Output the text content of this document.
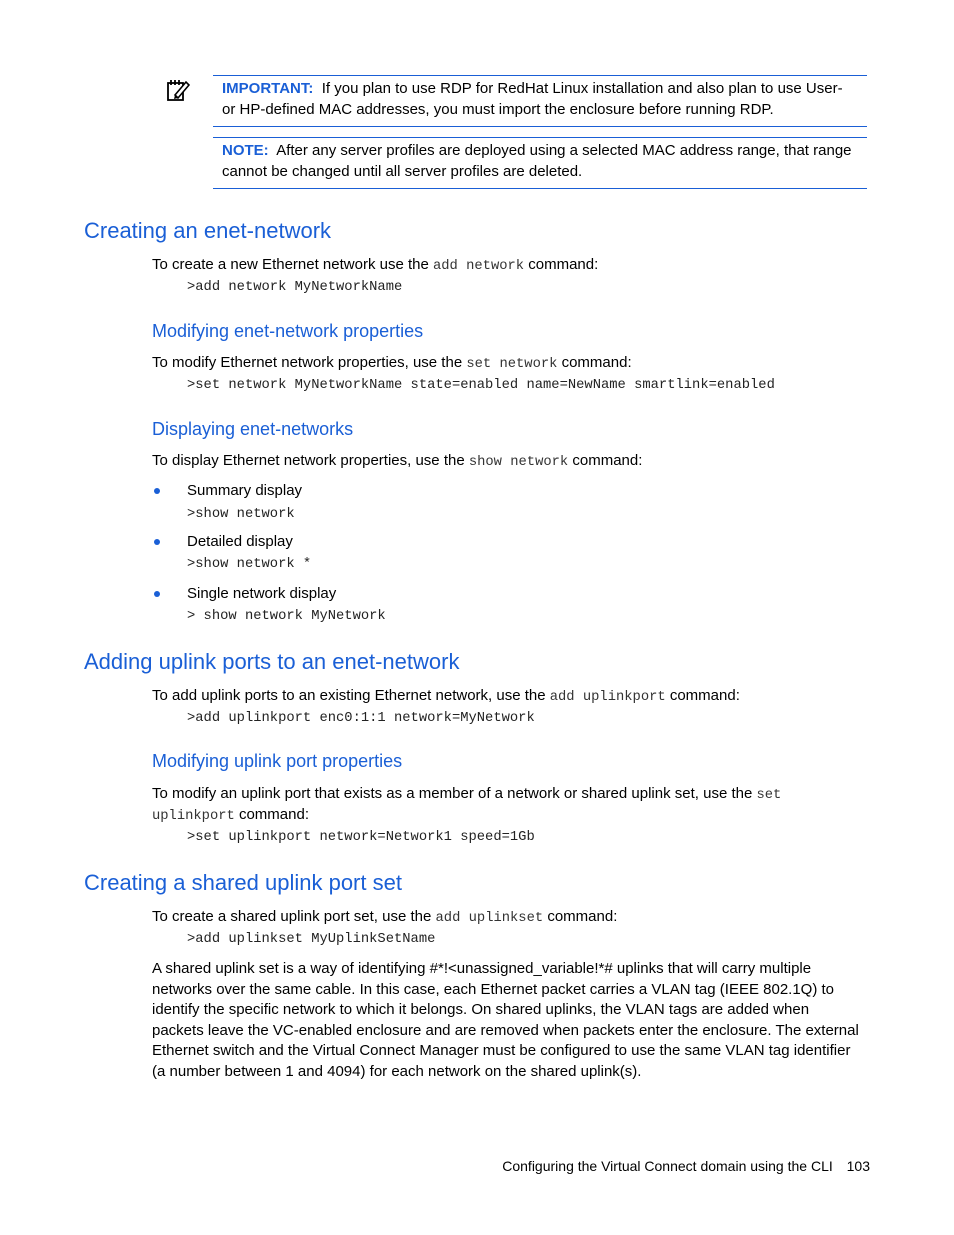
IMPORTANT: If you plan to use RDP for RedHat Linux installation and also plan to use User- or HP-defined MAC addresses, you must import the enclosure before running RDP.
NOTE: After any server profiles are deployed using a selected MAC address range, that range cannot be changed until all server profiles are deleted.
Creating an enet-network
To create a new Ethernet network use the add network command:
>add network MyNetworkName
Modifying enet-network properties
To modify Ethernet network properties, use the set network command:
>set network MyNetworkName state=enabled name=NewName smartlink=enabled
Displaying enet-networks
To display Ethernet network properties, use the show network command:
Summary display
>show network
Detailed display
>show network *
Single network display
> show network MyNetwork
Adding uplink ports to an enet-network
To add uplink ports to an existing Ethernet network, use the add uplinkport command:
>add uplinkport enc0:1:1 network=MyNetwork
Modifying uplink port properties
To modify an uplink port that exists as a member of a network or shared uplink set, use the set
uplinkport command:
>set uplinkport network=Network1 speed=1Gb
Creating a shared uplink port set
To create a shared uplink port set, use the add uplinkset command:
>add uplinkset MyUplinkSetName
A shared uplink set is a way of identifying #*!<unassigned_variable!*# uplinks that will carry multiple
networks over the same cable. In this case, each Ethernet packet carries a VLAN tag (IEEE 802.1Q) to
identify the specific network to which it belongs. On shared uplinks, the VLAN tags are added when
packets leave the VC-enabled enclosure and are removed when packets enter the enclosure. The external
Ethernet switch and the Virtual Connect Manager must be configured to use the same VLAN tag identifier
(a number between 1 and 4094) for each network on the shared uplink(s).
Configuring the Virtual Connect domain using the CLI 103
